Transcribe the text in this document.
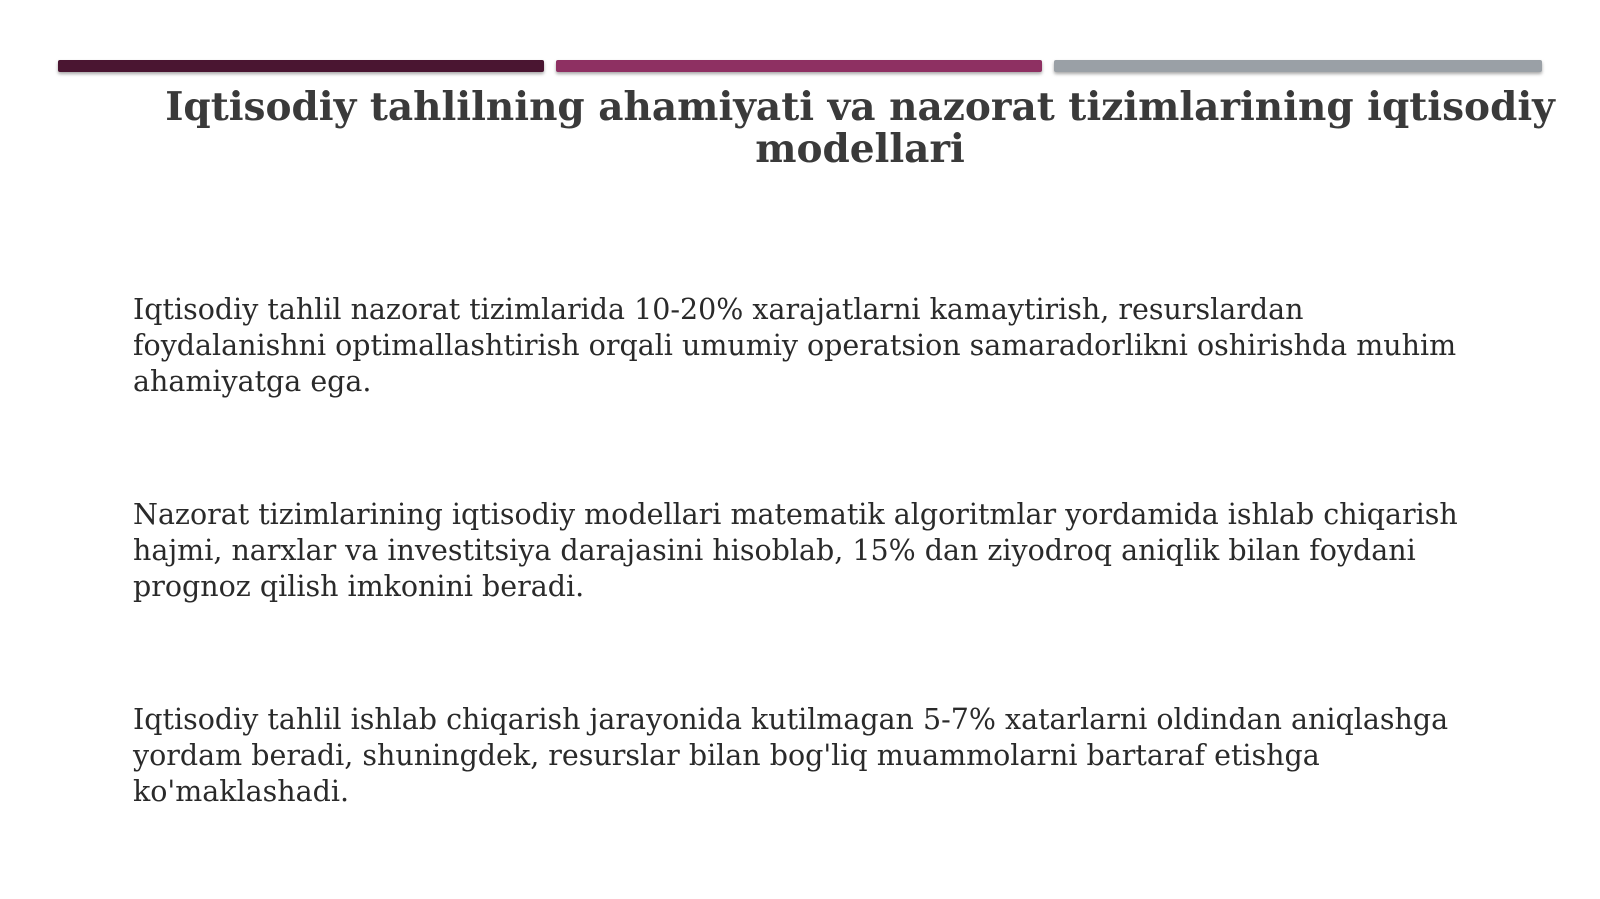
Iqtisodiy tahlilning ahamiyati va nazorat tizimlarining iqtisodiy modellari

Iqtisodiy tahlil nazorat tizimlarida 10-20% xarajatlarni kamaytirish, resurslardan foydalanishni optimallashtirish orqali umumiy operatsion samaradorlikni oshirishda muhim ahamiyatga ega.

Nazorat tizimlarining iqtisodiy modellari matematik algoritmlar yordamida ishlab chiqarish hajmi, narxlar va investitsiya darajasini hisoblab, 15% dan ziyodroq aniqlik bilan foydani prognoz qilish imkonini beradi.

Iqtisodiy tahlil ishlab chiqarish jarayonida kutilmagan 5-7% xatarlarni oldindan aniqlashga yordam beradi, shuningdek, resurslar bilan bog'liq muammolarni bartaraf etishga ko'maklashadi.
